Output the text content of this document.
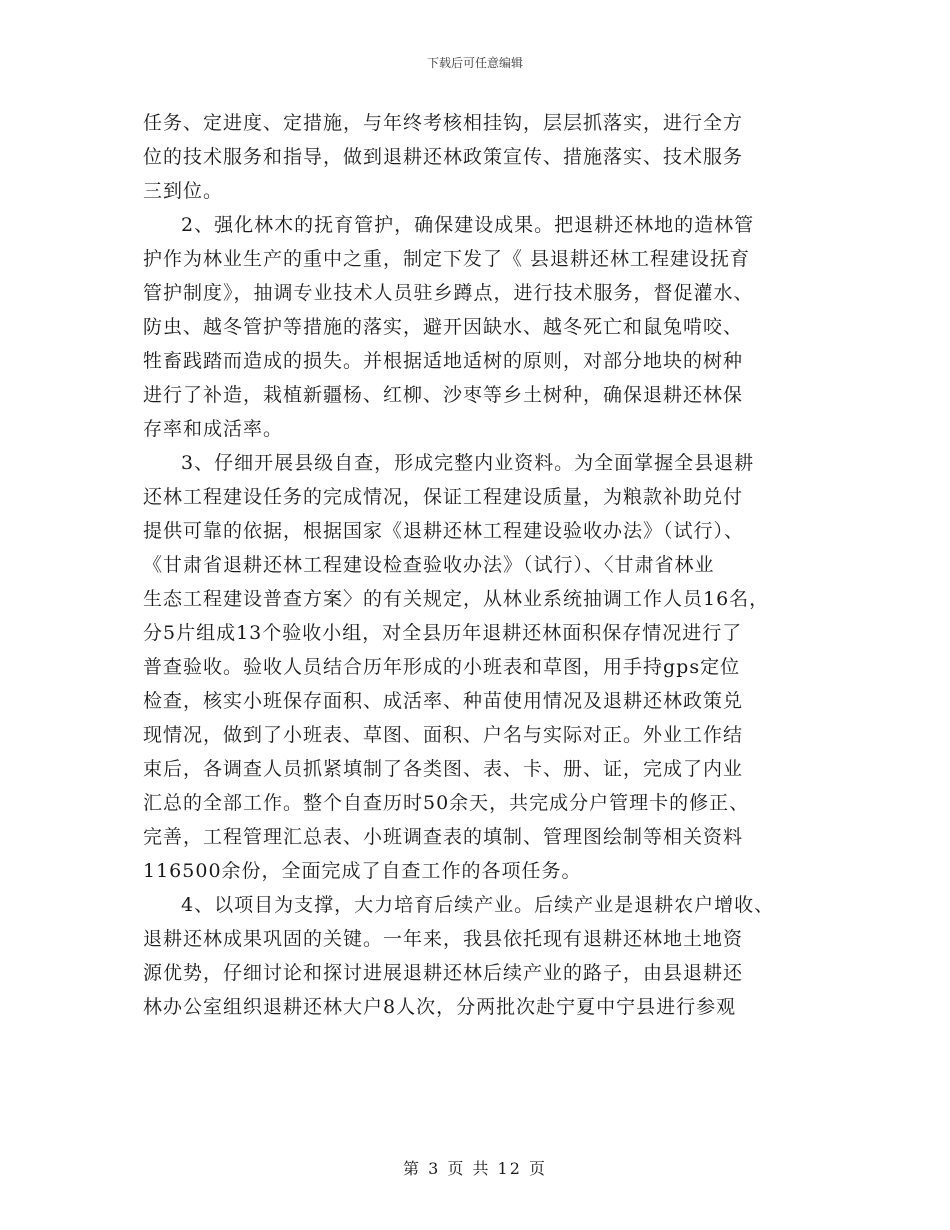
下载后可任意编辑

任务、定进度、定措施，与年终考核相挂钩，层层抓落实，进行全方
位的技术服务和指导，做到退耕还林政策宣传、措施落实、技术服务
三到位。

2、强化林木的抚育管护，确保建设成果。把退耕还林地的造林管
护作为林业生产的重中之重，制定下发了《 县退耕还林工程建设抚育
管护制度》，抽调专业技术人员驻乡蹲点，进行技术服务，督促灌水、
防虫、越冬管护等措施的落实，避开因缺水、越冬死亡和鼠兔啃咬、
牲畜践踏而造成的损失。并根据适地适树的原则，对部分地块的树种
进行了补造，栽植新疆杨、红柳、沙枣等乡土树种，确保退耕还林保
存率和成活率。

3、仔细开展县级自查，形成完整内业资料。为全面掌握全县退耕
还林工程建设任务的完成情况，保证工程建设质量，为粮款补助兑付
提供可靠的依据，根据国家《退耕还林工程建设验收办法》（试行）、
《甘肃省退耕还林工程建设检查验收办法》（试行）、〈甘肃省林业
生态工程建设普查方案〉的有关规定，从林业系统抽调工作人员16名，
分5片组成13个验收小组，对全县历年退耕还林面积保存情况进行了
普查验收。验收人员结合历年形成的小班表和草图，用手持gps定位
检查，核实小班保存面积、成活率、种苗使用情况及退耕还林政策兑
现情况，做到了小班表、草图、面积、户名与实际对正。外业工作结
束后，各调查人员抓紧填制了各类图、表、卡、册、证，完成了内业
汇总的全部工作。整个自查历时50余天，共完成分户管理卡的修正、
完善，工程管理汇总表、小班调查表的填制、管理图绘制等相关资料
116500余份，全面完成了自查工作的各项任务。

4、以项目为支撑，大力培育后续产业。后续产业是退耕农户增收、
退耕还林成果巩固的关键。一年来，我县依托现有退耕还林地土地资
源优势，仔细讨论和探讨进展退耕还林后续产业的路子，由县退耕还
林办公室组织退耕还林大户8人次，分两批次赴宁夏中宁县进行参观

第 3 页 共 12 页
